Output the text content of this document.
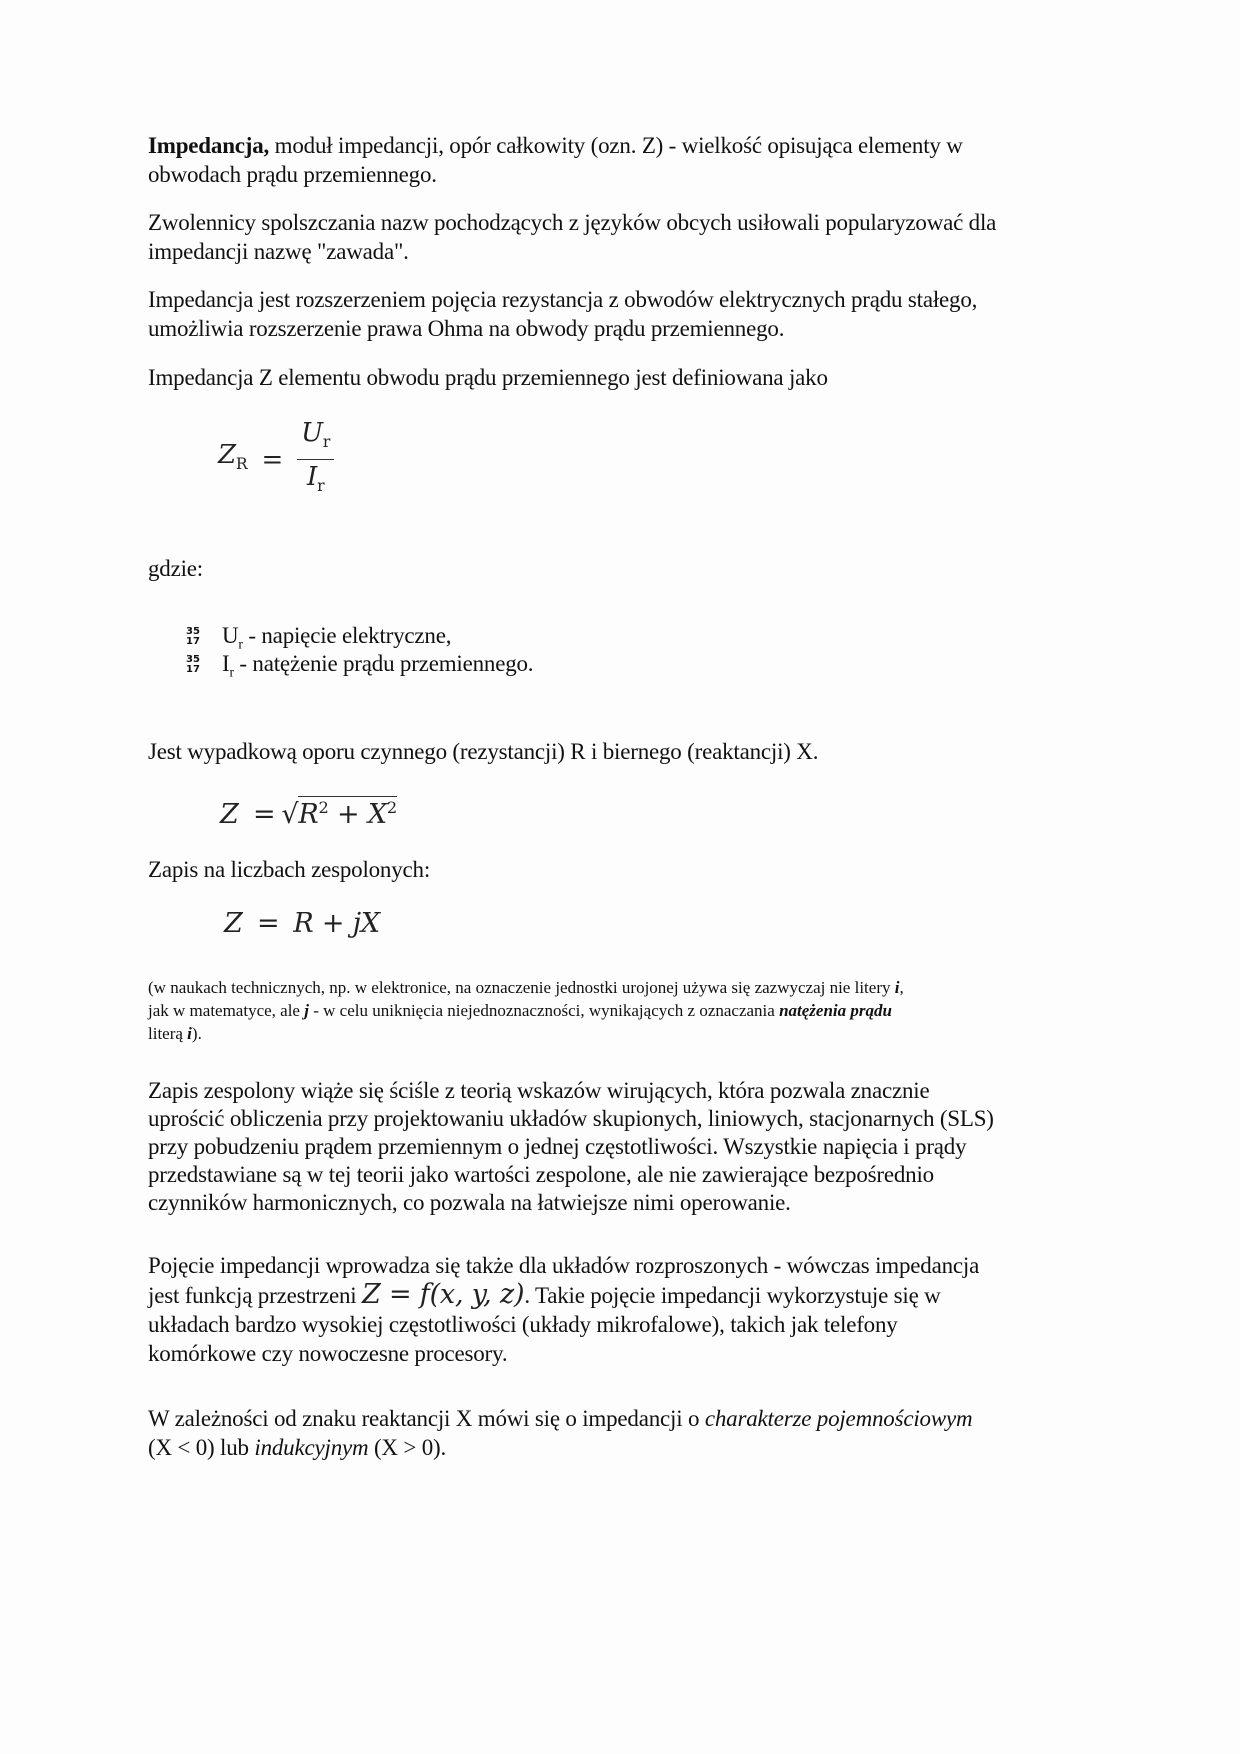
Impedancja, moduł impedancji, opór całkowity (ozn. Z) - wielkość opisująca elementy w
obwodach prądu przemiennego.
Zwolennicy spolszczania nazw pochodzących z języków obcych usiłowali popularyzować dla
impedancji nazwę "zawada".
Impedancja jest rozszerzeniem pojęcia rezystancja z obwodów elektrycznych prądu stałego,
umożliwia rozszerzenie prawa Ohma na obwody prądu przemiennego.
Impedancja Z elementu obwodu prądu przemiennego jest definiowana jako
$Z_R = \frac{U_r}{I_r}$
gdzie:
35
17 $U_r$ - napięcie elektryczne,
35
17 $I_r$ - natężenie prądu przemiennego.
Jest wypadkową oporu czynnego (rezystancji) R i biernego (reaktancji) X.
$Z = √R^2 + X^2$
Zapis na liczbach zespolonych:
Z = R + jX
(w naukach technicznych, np. w elektronice, na oznaczenie jednostki urojonej używa się zazwyczaj nie litery i,
jak w matematyce, ale j - w celu uniknięcia niejednoznaczności, wynikających z oznaczania natężenia prądu
literą i).
Zapis zespolony wiąże się ściśle z teorią wskazów wirujących, która pozwala znacznie
uprościć obliczenia przy projektowaniu układów skupionych, liniowych, stacjonarnych (SLS)
przy pobudzeniu prądem przemiennym o jednej częstotliwości. Wszystkie napięcia i prądy
przedstawiane są w tej teorii jako wartości zespolone, ale nie zawierające bezpośrednio
czynników harmonicznych, co pozwala na łatwiejsze nimi operowanie.
Pojęcie impedancji wprowadza się także dla układów rozproszonych - wówczas impedancja
jest funkcją przestrzeni Z = f(x, y, z). Takie pojęcie impedancji wykorzystuje się w
układach bardzo wysokiej częstotliwości (układy mikrofalowe), takich jak telefony
komórkowe czy nowoczesne procesory.
W zależności od znaku reaktancji X mówi się o impedancji o charakterze pojemnościowym
(X < 0) lub indukcyjnym (X > 0).
